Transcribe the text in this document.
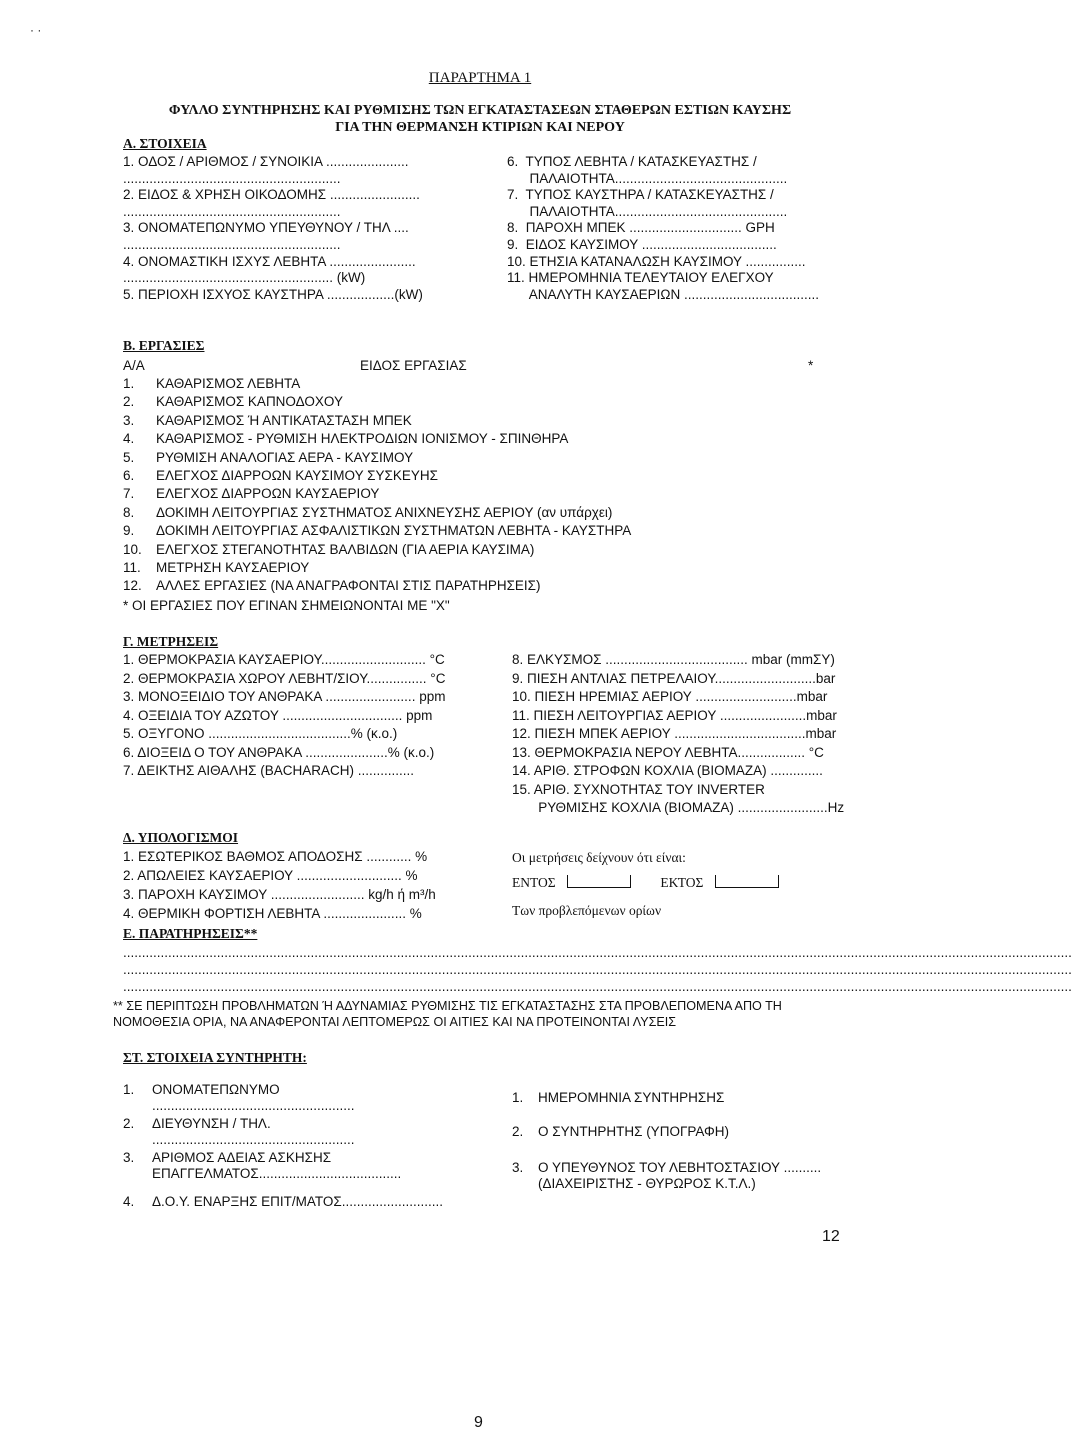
· ·
ΠΑΡΑΡΤΗΜΑ 1
ΦΥΛΛΟ ΣΥΝΤΗΡΗΣΗΣ ΚΑΙ ΡΥΘΜΙΣΗΣ ΤΩΝ ΕΓΚΑΤΑΣΤΑΣΕΩΝ ΣΤΑΘΕΡΩΝ ΕΣΤΙΩΝ ΚΑΥΣΗΣ
ΓΙΑ ΤΗΝ ΘΕΡΜΑΝΣΗ ΚΤΙΡΙΩΝ ΚΑΙ ΝΕΡΟΥ
Α. ΣΤΟΙΧΕΙΑ
1. ΟΔΟΣ / ΑΡΙΘΜΟΣ / ΣΥΝΟΙΚΙΑ ......................
..........................................................
2. ΕΙΔΟΣ & ΧΡΗΣΗ ΟΙΚΟΔΟΜΗΣ ........................
..........................................................
3. ΟΝΟΜΑΤΕΠΩΝΥΜΟ ΥΠΕΥΘΥΝΟΥ / ΤΗΛ ....
..........................................................
4. ΟΝΟΜΑΣΤΙΚΗ ΙΣΧΥΣ ΛΕΒΗΤΑ .......................
........................................................ (kW)
5. ΠΕΡΙΟΧΗ ΙΣΧΥΟΣ ΚΑΥΣΤΗΡΑ ..................(kW)
6.  ΤΥΠΟΣ ΛΕΒΗΤΑ / ΚΑΤΑΣΚΕΥΑΣΤΗΣ /
ΠΑΛΑΙΟΤΗΤΑ..............................................
7.  ΤΥΠΟΣ ΚΑΥΣΤΗΡΑ / ΚΑΤΑΣΚΕΥΑΣΤΗΣ /
ΠΑΛΑΙΟΤΗΤΑ..............................................
8.  ΠΑΡΟΧΗ ΜΠΕΚ .............................. GPH
9.  ΕΙΔΟΣ ΚΑΥΣΙΜΟΥ ....................................
10. ΕΤΗΣΙΑ ΚΑΤΑΝΑΛΩΣΗ ΚΑΥΣΙΜΟΥ ................
11. ΗΜΕΡΟΜΗΝΙΑ ΤΕΛΕΥΤΑΙΟΥ ΕΛΕΓΧΟΥ
ΑΝΑΛΥΤΗ ΚΑΥΣΑΕΡΙΩΝ ....................................
Β. ΕΡΓΑΣΙΕΣ
Α/Α	ΕΙΔΟΣ ΕΡΓΑΣΙΑΣ	*
1. ΚΑΘΑΡΙΣΜΟΣ ΛΕΒΗΤΑ
2. ΚΑΘΑΡΙΣΜΟΣ ΚΑΠΝΟΔΟΧΟΥ
3. ΚΑΘΑΡΙΣΜΟΣ Ή ΑΝΤΙΚΑΤΑΣΤΑΣΗ ΜΠΕΚ
4. ΚΑΘΑΡΙΣΜΟΣ - ΡΥΘΜΙΣΗ ΗΛΕΚΤΡΟΔΙΩΝ ΙΟΝΙΣΜΟΥ - ΣΠΙΝΘΗΡΑ
5. ΡΥΘΜΙΣΗ ΑΝΑΛΟΓΙΑΣ ΑΕΡΑ - ΚΑΥΣΙΜΟΥ
6. ΕΛΕΓΧΟΣ ΔΙΑΡΡΟΩΝ ΚΑΥΣΙΜΟΥ ΣΥΣΚΕΥΗΣ
7. ΕΛΕΓΧΟΣ ΔΙΑΡΡΟΩΝ ΚΑΥΣΑΕΡΙΟΥ
8. ΔΟΚΙΜΗ ΛΕΙΤΟΥΡΓΙΑΣ ΣΥΣΤΗΜΑΤΟΣ ΑΝΙΧΝΕΥΣΗΣ ΑΕΡΙΟΥ (αν υπάρχει)
9. ΔΟΚΙΜΗ ΛΕΙΤΟΥΡΓΙΑΣ ΑΣΦΑΛΙΣΤΙΚΩΝ ΣΥΣΤΗΜΑΤΩΝ ΛΕΒΗΤΑ - ΚΑΥΣΤΗΡΑ
10. ΕΛΕΓΧΟΣ ΣΤΕΓΑΝΟΤΗΤΑΣ ΒΑΛΒΙΔΩΝ (ΓΙΑ ΑΕΡΙΑ ΚΑΥΣΙΜΑ)
11. ΜΕΤΡΗΣΗ ΚΑΥΣΑΕΡΙΟΥ
12. ΑΛΛΕΣ ΕΡΓΑΣΙΕΣ (ΝΑ ΑΝΑΓΡΑΦΟΝΤΑΙ ΣΤΙΣ ΠΑΡΑΤΗΡΗΣΕΙΣ)
* ΟΙ ΕΡΓΑΣΙΕΣ ΠΟΥ ΕΓΙΝΑΝ ΣΗΜΕΙΩΝΟΝΤΑΙ ΜΕ "Χ"
Γ. ΜΕΤΡΗΣΕΙΣ
1. ΘΕΡΜΟΚΡΑΣΙΑ ΚΑΥΣΑΕΡΙΟΥ............................ °C
2. ΘΕΡΜΟΚΡΑΣΙΑ ΧΩΡΟΥ ΛΕΒΗΤ/ΣΙΟΥ................ °C
3. ΜΟΝΟΞΕΙΔΙΟ ΤΟΥ ΑΝΘΡΑΚΑ ........................ ppm
4. ΟΞΕΙΔΙΑ ΤΟΥ ΑΖΩΤΟΥ ................................ ppm
5. ΟΞΥΓΟΝΟ ......................................% (κ.ο.)
6. ΔΙΟΞΕΙΔ Ο ΤΟΥ ΑΝΘΡΑΚΑ ......................% (κ.ο.)
7. ΔΕΙΚΤΗΣ ΑΙΘΑΛΗΣ (BACHARACH) ...............
8. ΕΛΚΥΣΜΟΣ ...................................... mbar (mmΣΥ)
9. ΠΙΕΣΗ ΑΝΤΛΙΑΣ ΠΕΤΡΕΛΑΙΟΥ...........................bar
10. ΠΙΕΣΗ ΗΡΕΜΙΑΣ ΑΕΡΙΟΥ ...........................mbar
11. ΠΙΕΣΗ ΛΕΙΤΟΥΡΓΙΑΣ ΑΕΡΙΟΥ .......................mbar
12. ΠΙΕΣΗ ΜΠΕΚ ΑΕΡΙΟΥ ...................................mbar
13. ΘΕΡΜΟΚΡΑΣΙΑ ΝΕΡΟΥ ΛΕΒΗΤΑ.................. °C
14. ΑΡΙΘ. ΣΤΡΟΦΩΝ ΚΟΧΛΙΑ (ΒΙΟΜΑΖΑ) ..............
15. ΑΡΙΘ. ΣΥΧΝΟΤΗΤΑΣ ΤΟΥ INVERTER
ΡΥΘΜΙΣΗΣ ΚΟΧΛΙΑ (ΒΙΟΜΑΖΑ) ........................Hz
Δ. ΥΠΟΛΟΓΙΣΜΟΙ
1. ΕΣΩΤΕΡΙΚΟΣ ΒΑΘΜΟΣ ΑΠΟΔΟΣΗΣ ............ %
2. ΑΠΩΛΕΙΕΣ ΚΑΥΣΑΕΡΙΟΥ ............................ %
3. ΠΑΡΟΧΗ ΚΑΥΣΙΜΟΥ ......................... kg/h ή m³/h
4. ΘΕΡΜΙΚΗ ΦΟΡΤΙΣΗ ΛΕΒΗΤΑ ...................... %
Οι μετρήσεις δείχνουν ότι είναι:
ΕΝΤΟΣ	ΕΚΤΟΣ
Των προβλεπόμενων ορίων
Ε. ΠΑΡΑΤΗΡΗΣΕΙΣ**
.............................................................................................................................................................................................................................................................
.............................................................................................................................................................................................................................................................
.............................................................................................................................................................................................................................................................
** ΣΕ ΠΕΡΙΠΤΩΣΗ ΠΡΟΒΛΗΜΑΤΩΝ Ή ΑΔΥΝΑΜΙΑΣ ΡΥΘΜΙΣΗΣ ΤΙΣ ΕΓΚΑΤΑΣΤΑΣΗΣ ΣΤΑ ΠΡΟΒΛΕΠΟΜΕΝΑ ΑΠΟ ΤΗ
ΝΟΜΟΘΕΣΙΑ ΟΡΙΑ, ΝΑ ΑΝΑΦΕΡΟΝΤΑΙ ΛΕΠΤΟΜΕΡΩΣ ΟΙ ΑΙΤΙΕΣ ΚΑΙ ΝΑ ΠΡΟΤΕΙΝΟΝΤΑΙ ΛΥΣΕΙΣ
ΣΤ. ΣΤΟΙΧΕΙΑ ΣΥΝΤΗΡΗΤΗ:
1. ΟΝΟΜΑΤΕΠΩΝΥΜΟ
......................................................
2. ΔΙΕΥΘΥΝΣΗ / ΤΗΛ.
......................................................
3. ΑΡΙΘΜΟΣ ΑΔΕΙΑΣ ΑΣΚΗΣΗΣ
ΕΠΑΓΓΕΛΜΑΤΟΣ......................................
4. Δ.Ο.Υ. ΕΝΑΡΞΗΣ ΕΠΙΤ/ΜΑΤΟΣ...........................
1. ΗΜΕΡΟΜΗΝΙΑ ΣΥΝΤΗΡΗΣΗΣ
2. Ο ΣΥΝΤΗΡΗΤΗΣ (ΥΠΟΓΡΑΦΗ)
3. Ο ΥΠΕΥΘΥΝΟΣ ΤΟΥ ΛΕΒΗΤΟΣΤΑΣΙΟΥ ..........
(ΔΙΑΧΕΙΡΙΣΤΗΣ - ΘΥΡΩΡΟΣ Κ.Τ.Λ.)
12
9
